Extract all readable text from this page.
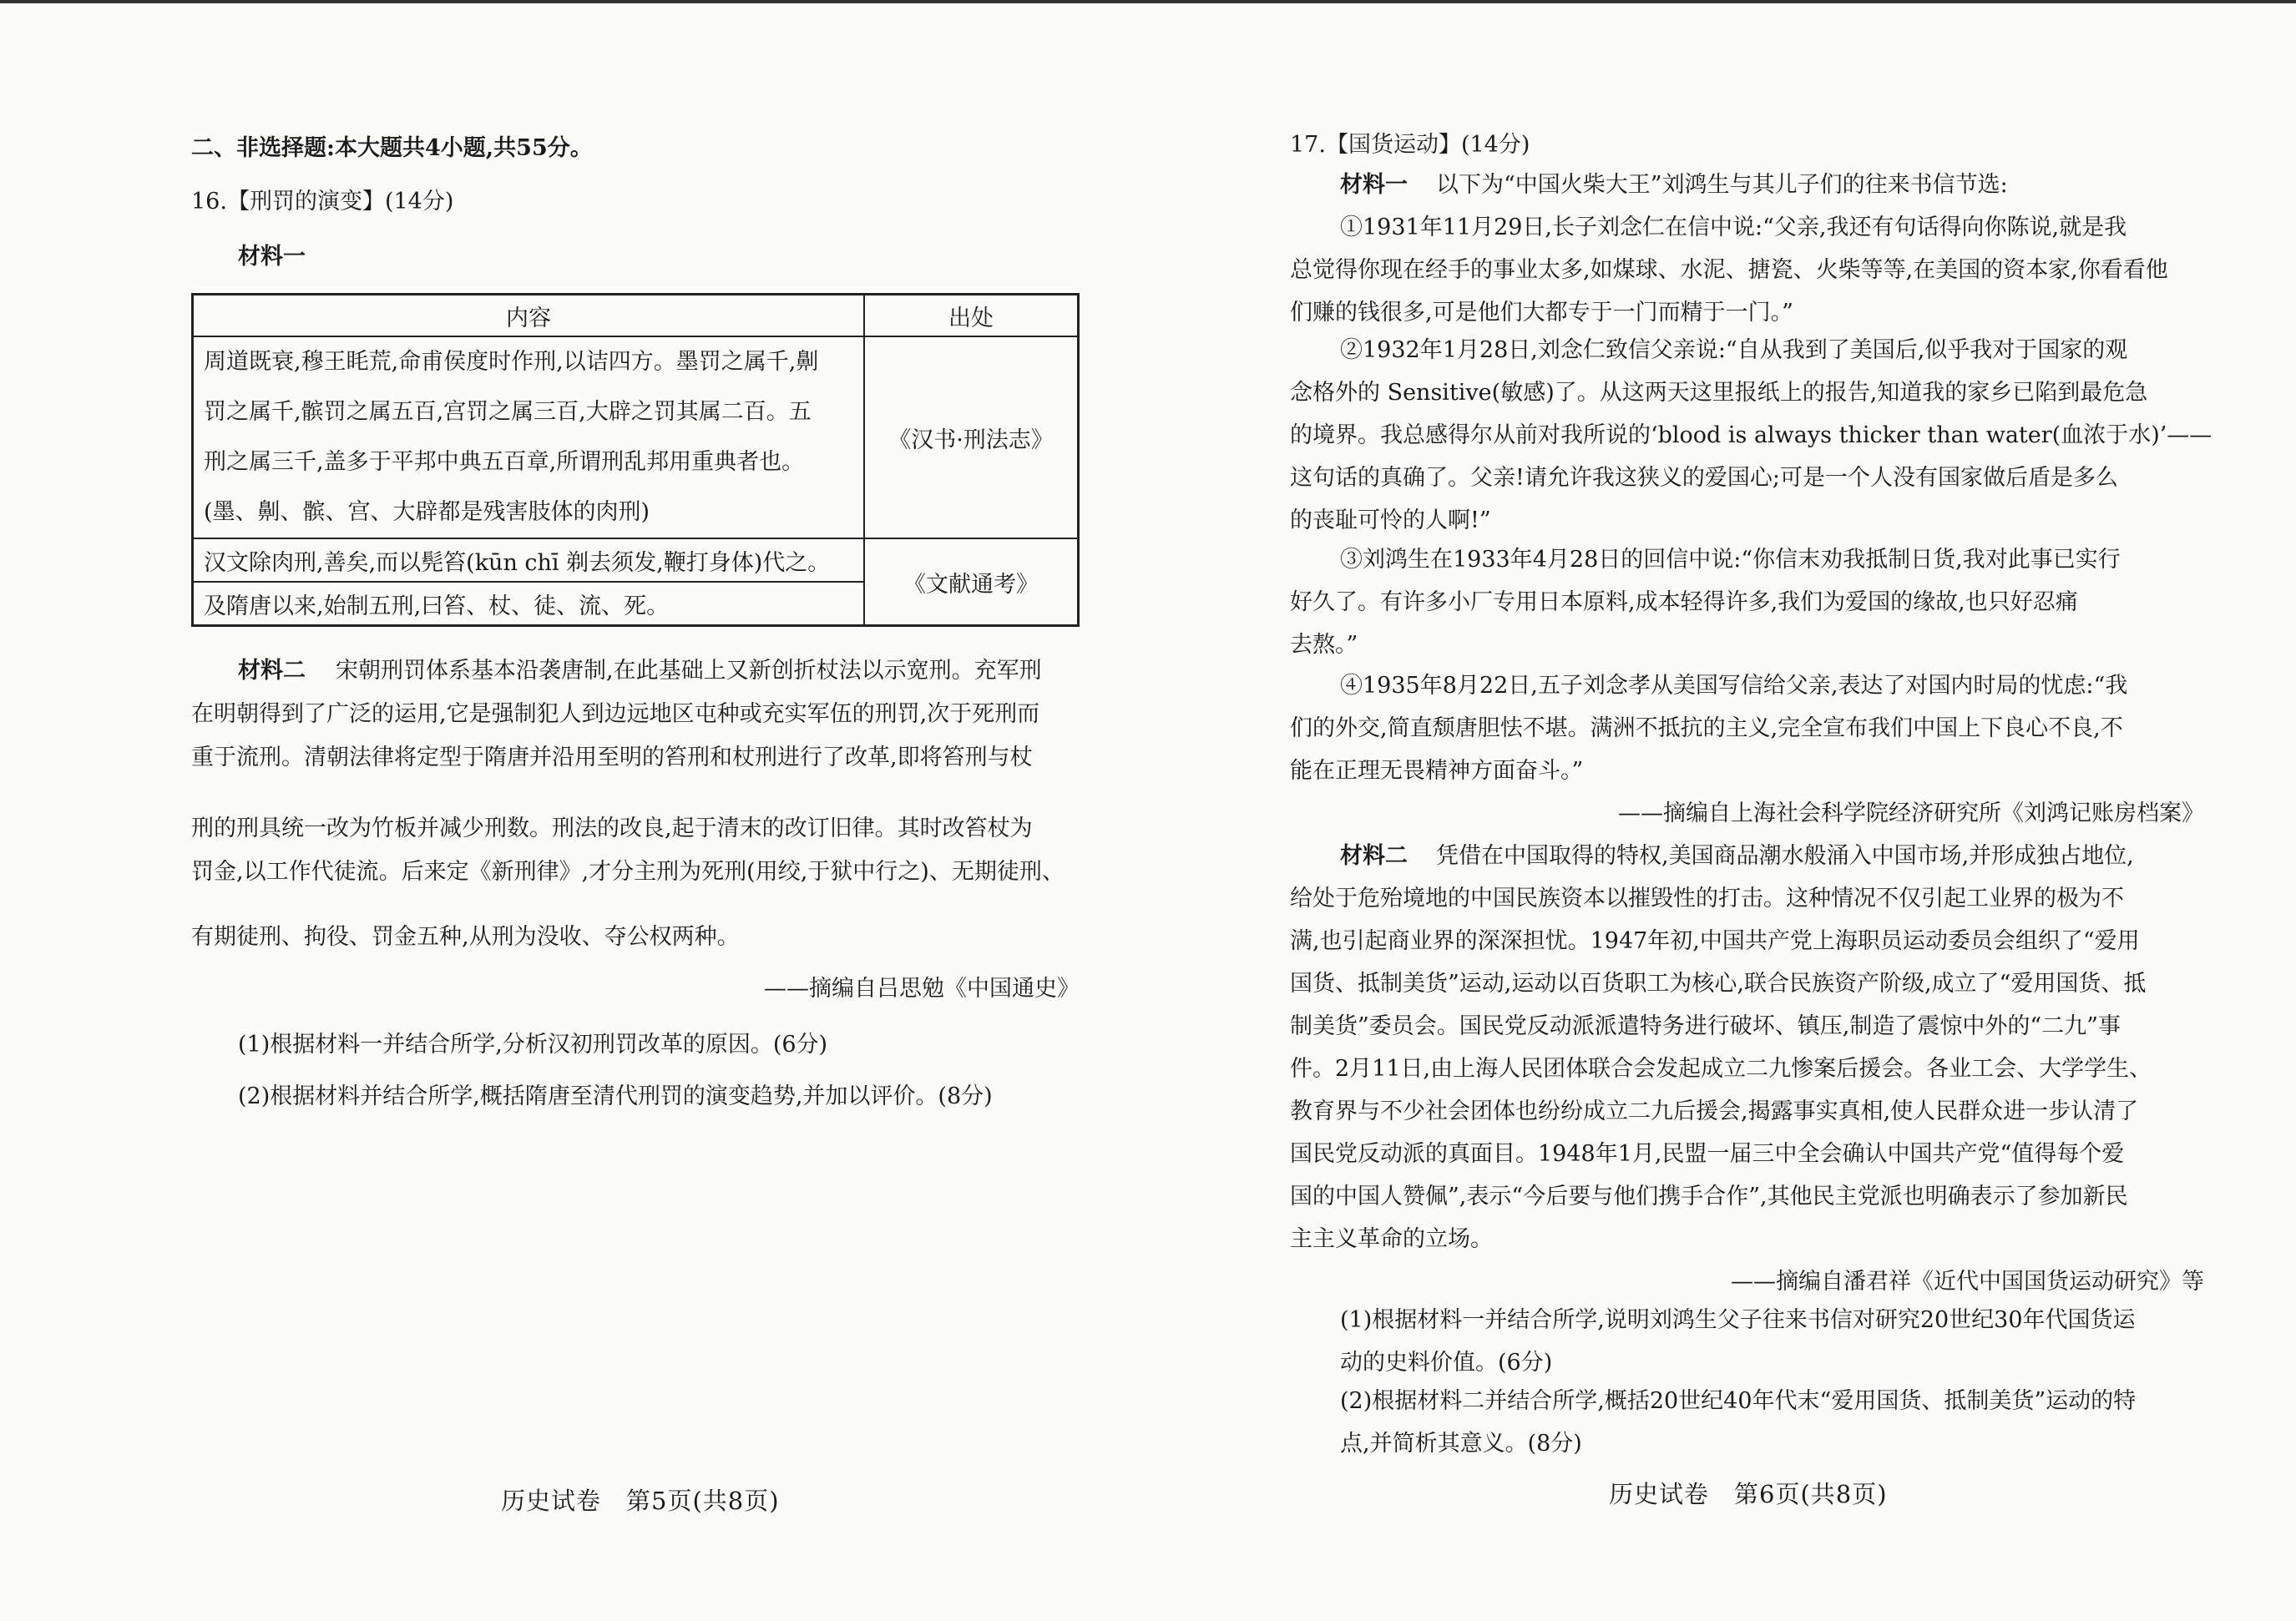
二、非选择题:本大题共4小题,共55分。
16.【刑罚的演变】(14分)
材料一
内容	出处

周道既衰,穆王眊荒,命甫侯度时作刑,以诘四方。墨罚之属千,劓
罚之属千,髌罚之属五百,宫罚之属三百,大辟之罚其属二百。五
刑之属三千,盖多于平邦中典五百章,所谓刑乱邦用重典者也。
(墨、劓、髌、宫、大辟都是残害肢体的肉刑)	《汉书·刑法志》
汉文除肉刑,善矣,而以髡笞(kūn chī 剃去须发,鞭打身体)代之。	《文献通考》
及隋唐以来,始制五刑,曰笞、杖、徒、流、死。	
材料二 宋朝刑罚体系基本沿袭唐制,在此基础上又新创折杖法以示宽刑。充军刑
在明朝得到了广泛的运用,它是强制犯人到边远地区屯种或充实军伍的刑罚,次于死刑而
重于流刑。清朝法律将定型于隋唐并沿用至明的笞刑和杖刑进行了改革,即将笞刑与杖
刑的刑具统一改为竹板并减少刑数。刑法的改良,起于清末的改订旧律。其时改笞杖为
罚金,以工作代徒流。后来定《新刑律》,才分主刑为死刑(用绞,于狱中行之)、无期徒刑、
有期徒刑、拘役、罚金五种,从刑为没收、夺公权两种。
——摘编自吕思勉《中国通史》
(1)根据材料一并结合所学,分析汉初刑罚改革的原因。(6分)
(2)根据材料并结合所学,概括隋唐至清代刑罚的演变趋势,并加以评价。(8分)
历史试卷　第5页(共8页)
17.【国货运动】(14分)
材料一 以下为“中国火柴大王”刘鸿生与其儿子们的往来书信节选:
①1931年11月29日,长子刘念仁在信中说:“父亲,我还有句话得向你陈说,就是我
总觉得你现在经手的事业太多,如煤球、水泥、搪瓷、火柴等等,在美国的资本家,你看看他
们赚的钱很多,可是他们大都专于一门而精于一门。”
②1932年1月28日,刘念仁致信父亲说:“自从我到了美国后,似乎我对于国家的观
念格外的 Sensitive(敏感)了。从这两天这里报纸上的报告,知道我的家乡已陷到最危急
的境界。我总感得尔从前对我所说的‘blood is always thicker than water(血浓于水)’——
这句话的真确了。父亲!请允许我这狭义的爱国心;可是一个人没有国家做后盾是多么
的丧耻可怜的人啊!”
③刘鸿生在1933年4月28日的回信中说:“你信末劝我抵制日货,我对此事已实行
好久了。有许多小厂专用日本原料,成本轻得许多,我们为爱国的缘故,也只好忍痛
去熬。”
④1935年8月22日,五子刘念孝从美国写信给父亲,表达了对国内时局的忧虑:“我
们的外交,简直颓唐胆怯不堪。满洲不抵抗的主义,完全宣布我们中国上下良心不良,不
能在正理无畏精神方面奋斗。”
——摘编自上海社会科学院经济研究所《刘鸿记账房档案》
材料二 凭借在中国取得的特权,美国商品潮水般涌入中国市场,并形成独占地位,
给处于危殆境地的中国民族资本以摧毁性的打击。这种情况不仅引起工业界的极为不
满,也引起商业界的深深担忧。1947年初,中国共产党上海职员运动委员会组织了“爱用
国货、抵制美货”运动,运动以百货职工为核心,联合民族资产阶级,成立了“爱用国货、抵
制美货”委员会。国民党反动派派遣特务进行破坏、镇压,制造了震惊中外的“二九”事
件。2月11日,由上海人民团体联合会发起成立二九惨案后援会。各业工会、大学学生、
教育界与不少社会团体也纷纷成立二九后援会,揭露事实真相,使人民群众进一步认清了
国民党反动派的真面目。1948年1月,民盟一届三中全会确认中国共产党“值得每个爱
国的中国人赞佩”,表示“今后要与他们携手合作”,其他民主党派也明确表示了参加新民
主主义革命的立场。
——摘编自潘君祥《近代中国国货运动研究》等
(1)根据材料一并结合所学,说明刘鸿生父子往来书信对研究20世纪30年代国货运
动的史料价值。(6分)
(2)根据材料二并结合所学,概括20世纪40年代末“爱用国货、抵制美货”运动的特
点,并简析其意义。(8分)
历史试卷　第6页(共8页)
